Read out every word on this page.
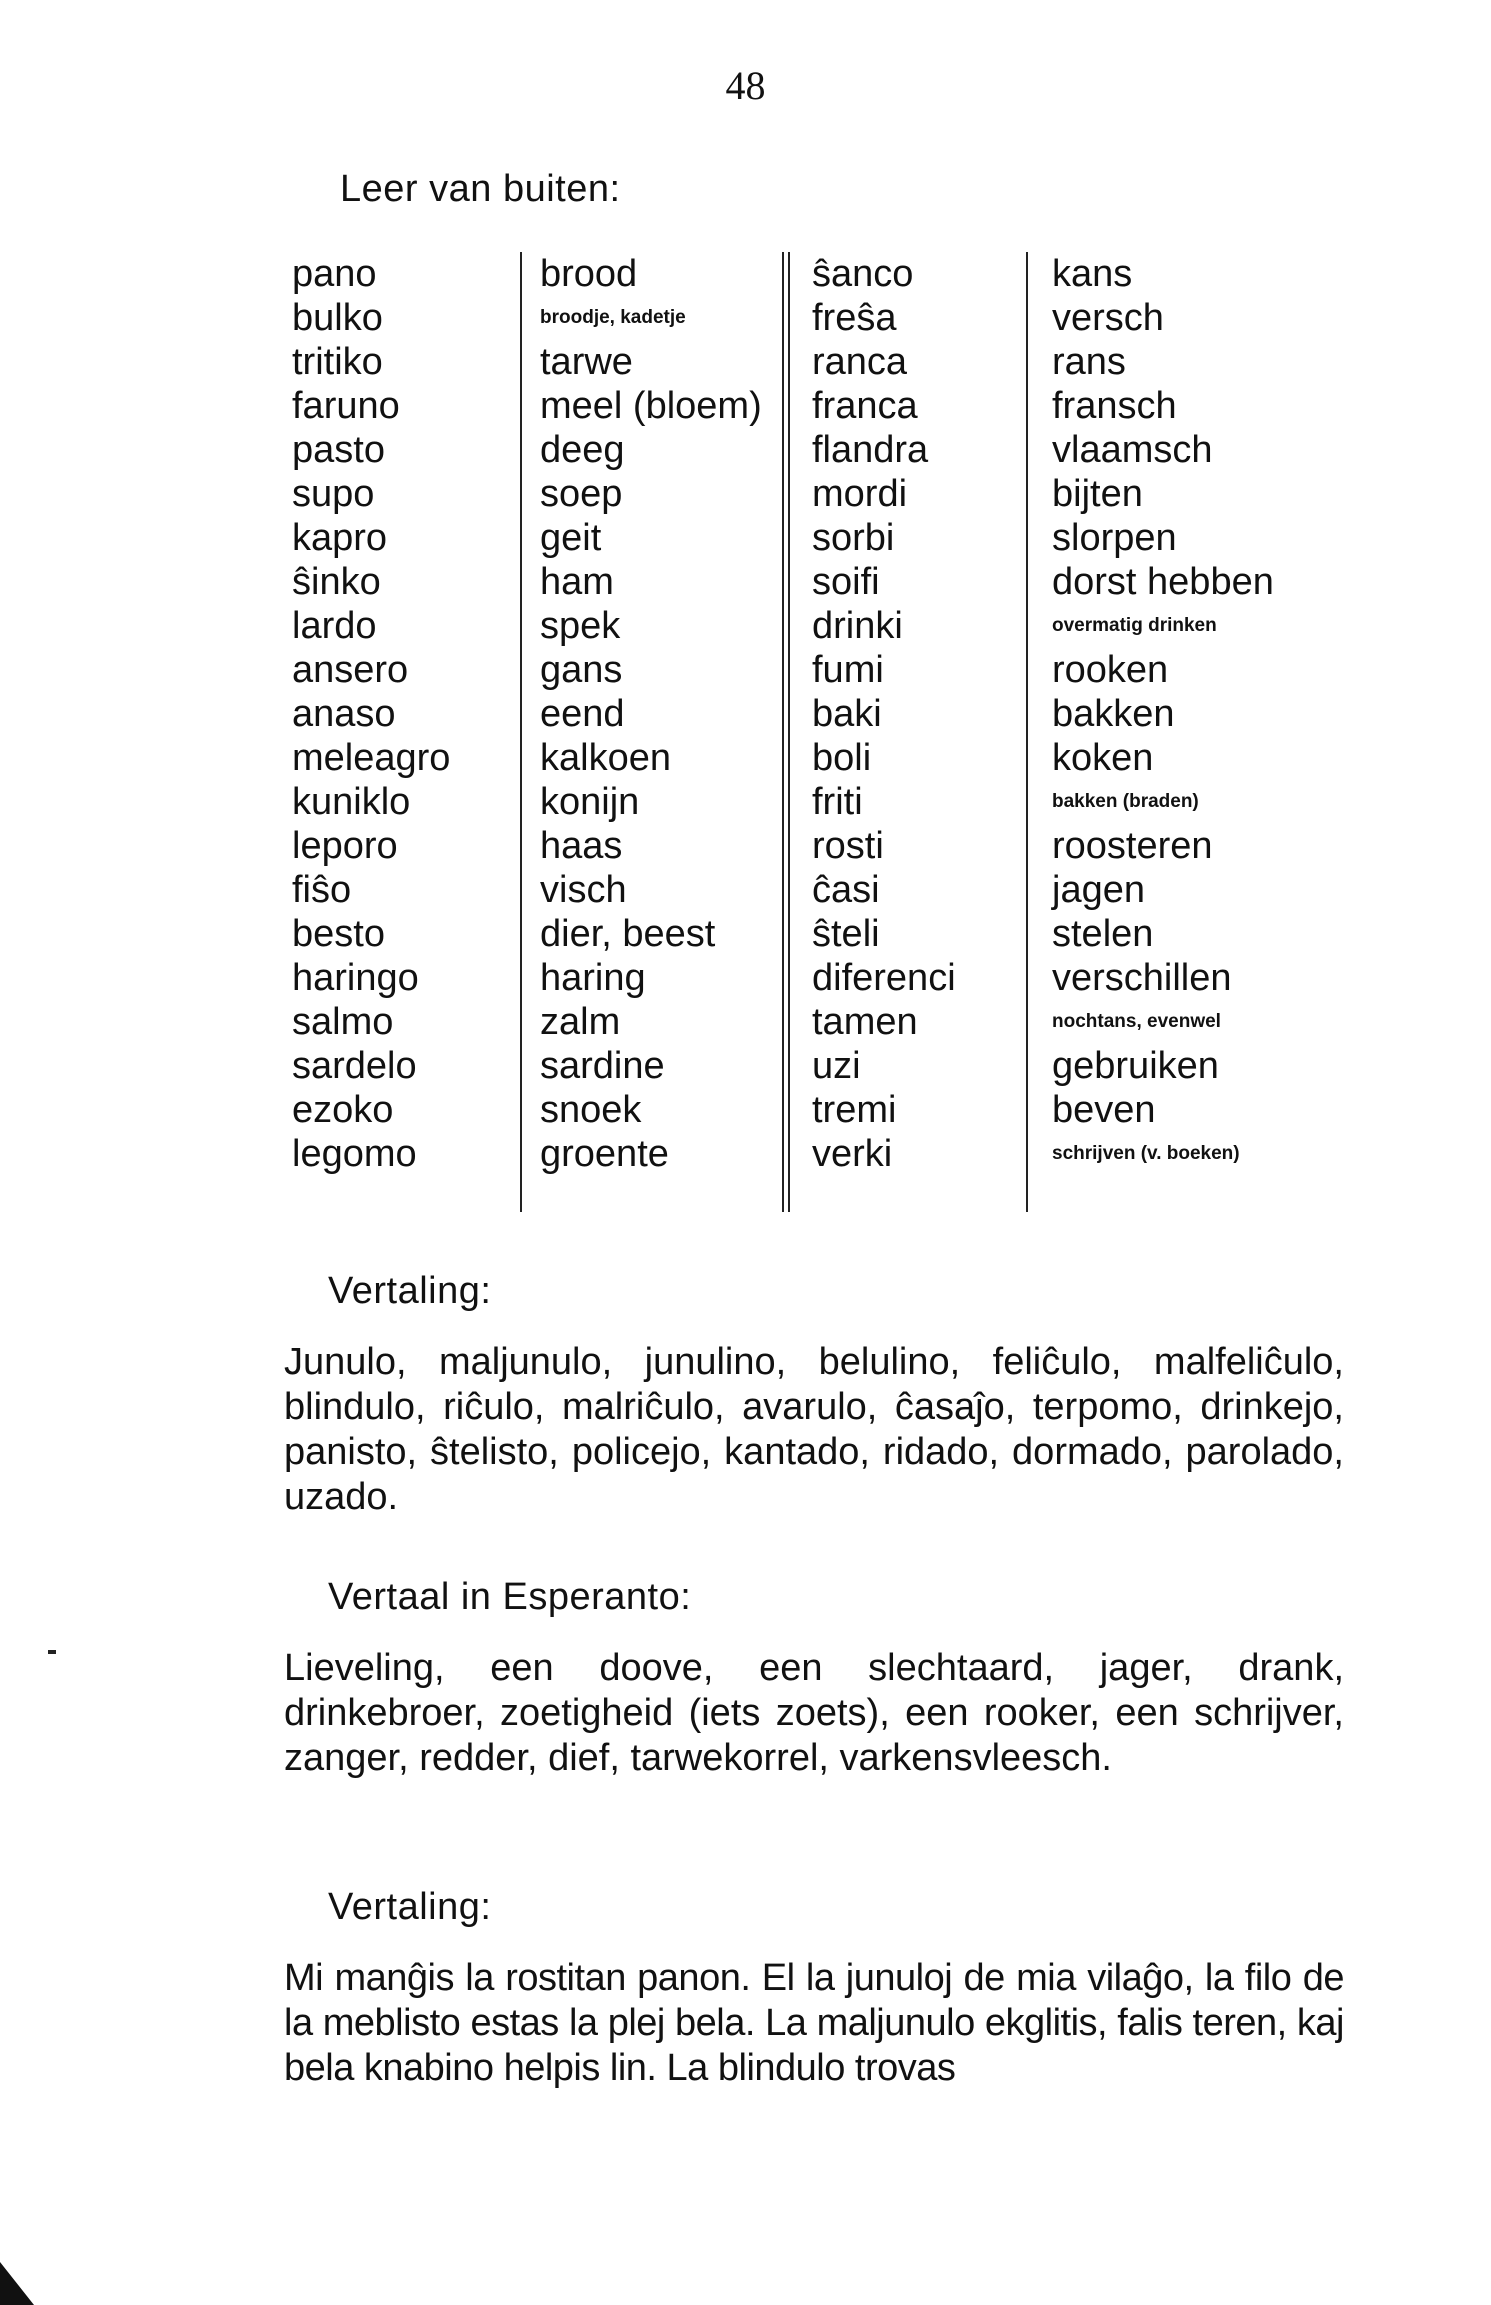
48
Leer van buiten:
pano
bulko
tritiko
faruno
pasto
supo
kapro
ŝinko
lardo
ansero
anaso
meleagro
kuniklo
leporo
fiŝo
besto
haringo
salmo
sardelo
ezoko
legomo
brood
broodje, kadetje
tarwe
meel (bloem)
deeg
soep
geit
ham
spek
gans
eend
kalkoen
konijn
haas
visch
dier, beest
haring
zalm
sardine
snoek
groente
ŝanco
freŝa
ranca
franca
flandra
mordi
sorbi
soifi
drinki
fumi
baki
boli
friti
rosti
ĉasi
ŝteli
diferenci
tamen
uzi
tremi
verki
kans
versch
rans
fransch
vlaamsch
bijten
slorpen
dorst hebben
overmatig drinken
rooken
bakken
koken
bakken (braden)
roosteren
jagen
stelen
verschillen
nochtans, evenwel
gebruiken
beven
schrijven (v. boeken)
Vertaling:

Junulo, maljunulo, junulino, belulino, feliĉulo, malfeliĉulo, blindulo, riĉulo, malriĉulo, avarulo, ĉasaĵo, terpomo, drinkejo, panisto, ŝtelisto, policejo, kantado, ridado, dormado, parolado, uzado.

Vertaal in Esperanto:

Lieveling, een doove, een slechtaard, jager, drank, drinkebroer, zoetigheid (iets zoets), een rooker, een schrijver, zanger, redder, dief, tarwekorrel, varkensvleesch.

Vertaling:

Mi manĝis la rostitan panon. El la junuloj de mia vilaĝo, la filo de la meblisto estas la plej bela. La maljunulo ekglitis, falis teren, kaj bela knabino helpis lin. La blindulo trovas
